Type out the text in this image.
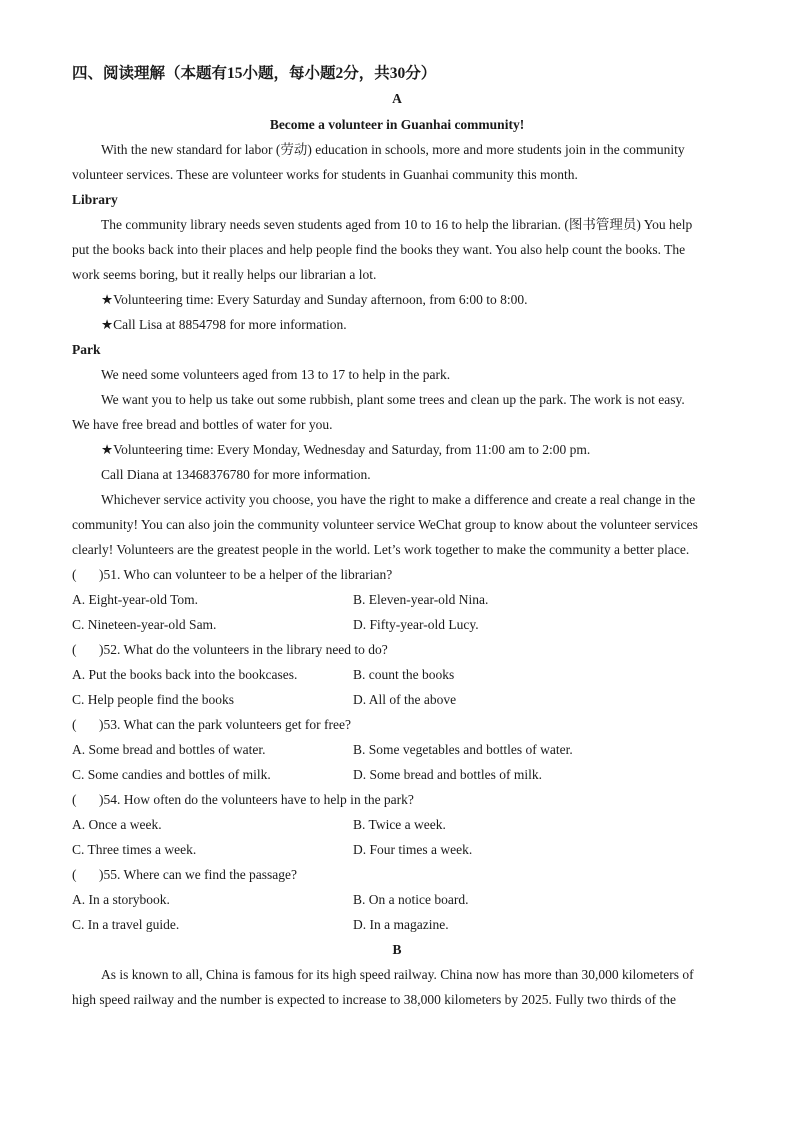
四、阅读理解（本题有15小题，每小题2分，共30分）
A
Become a volunteer in Guanhai community!
With the new standard for labor (劳动) education in schools, more and more students join in the community
volunteer services. These are volunteer works for students in Guanhai community this month.
Library
The community library needs seven students aged from 10 to 16 to help the librarian. (图书管理员) You help
put the books back into their places and help people find the books they want. You also help count the books. The
work seems boring, but it really helps our librarian a lot.
★Volunteering time: Every Saturday and Sunday afternoon, from 6:00 to 8:00.
★Call Lisa at 8854798 for more information.
Park
We need some volunteers aged from 13 to 17 to help in the park.
We want you to help us take out some rubbish, plant some trees and clean up the park. The work is not easy.
We have free bread and bottles of water for you.
★Volunteering time: Every Monday, Wednesday and Saturday, from 11:00 am to 2:00 pm.
Call Diana at 13468376780 for more information.
Whichever service activity you choose, you have the right to make a difference and create a real change in the
community! You can also join the community volunteer service WeChat group to know about the volunteer services
clearly! Volunteers are the greatest people in the world. Let’s work together to make the community a better place.
( )51. Who can volunteer to be a helper of the librarian?
A. Eight-year-old Tom.	B. Eleven-year-old Nina.
C. Nineteen-year-old Sam.	D. Fifty-year-old Lucy.
( )52. What do the volunteers in the library need to do?
A. Put the books back into the bookcases.	B. count the books
C. Help people find the books	D. All of the above
( )53. What can the park volunteers get for free?
A. Some bread and bottles of water.	B. Some vegetables and bottles of water.
C. Some candies and bottles of milk.	D. Some bread and bottles of milk.
( )54. How often do the volunteers have to help in the park?
A. Once a week.	B. Twice a week.
C. Three times a week.	D. Four times a week.
( )55. Where can we find the passage?
A. In a storybook.	B. On a notice board.
C. In a travel guide.	D. In a magazine.
B
As is known to all, China is famous for its high speed railway. China now has more than 30,000 kilometers of
high speed railway and the number is expected to increase to 38,000 kilometers by 2025. Fully two thirds of the
